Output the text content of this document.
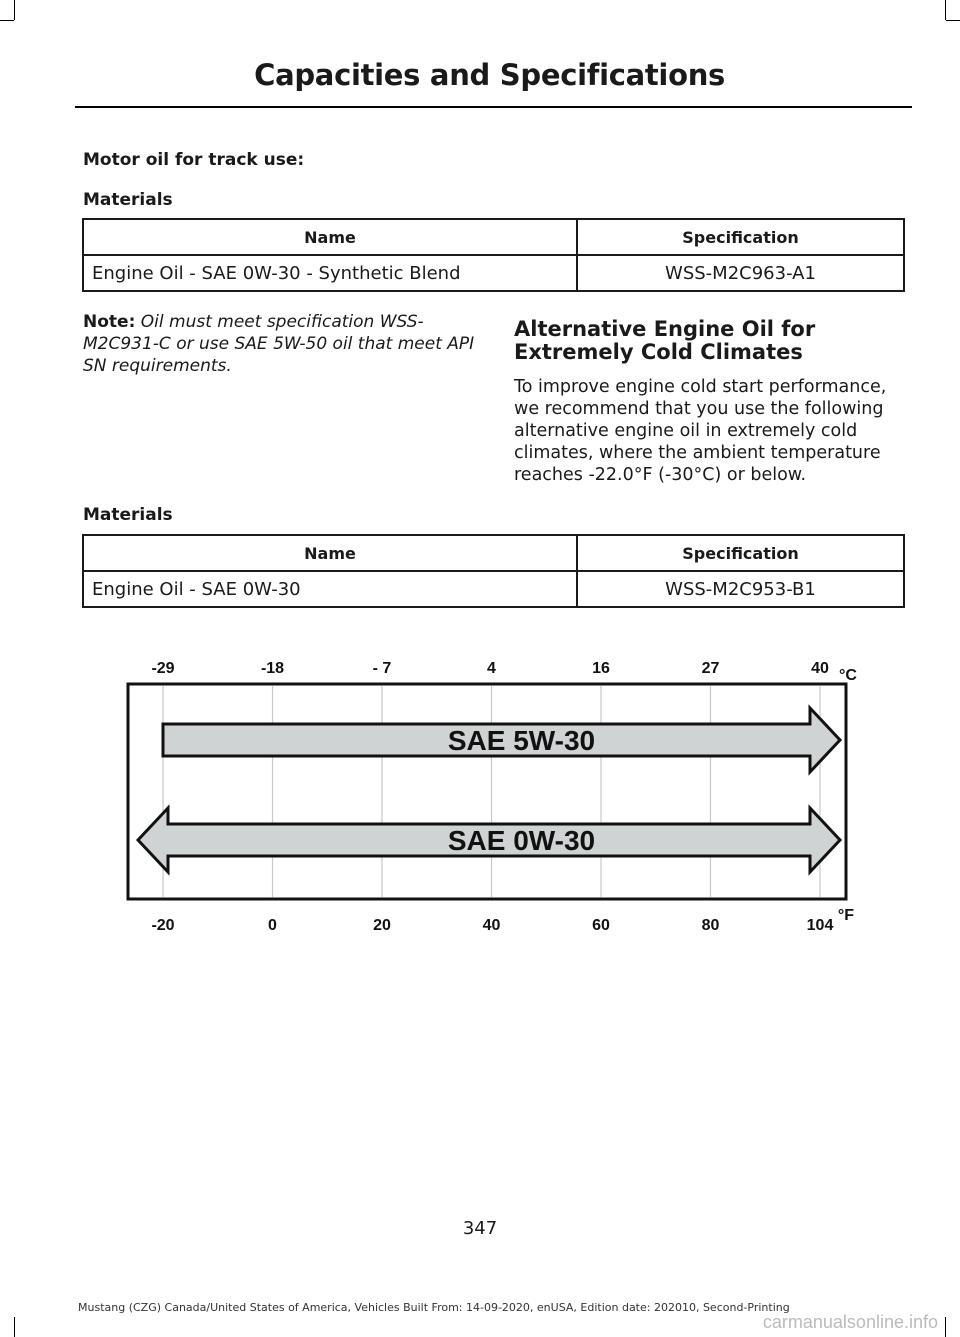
Capacities and Specifications
Motor oil for track use:
Materials
Name	Specification
Engine Oil - SAE 0W-30 - Synthetic Blend	WSS-M2C963-A1
Note: Oil must meet specification WSS-M2C931-C or use SAE 5W-50 oil that meet API SN requirements.
Alternative Engine Oil for Extremely Cold Climates
To improve engine cold start performance, we recommend that you use the following alternative engine oil in extremely cold climates, where the ambient temperature reaches -22.0°F (-30°C) or below.
Materials
Name	Specification
Engine Oil - SAE 0W-30	WSS-M2C953-B1
SAE 5W-30
SAE 0W-30
-29	-18	- 7	4	16	27	40 °C
-20	0	20	40	60	80	104
°F
347
Mustang (CZG) Canada/United States of America, Vehicles Built From: 14-09-2020, enUSA, Edition date: 202010, Second-Printing
carmanualsonline.info
